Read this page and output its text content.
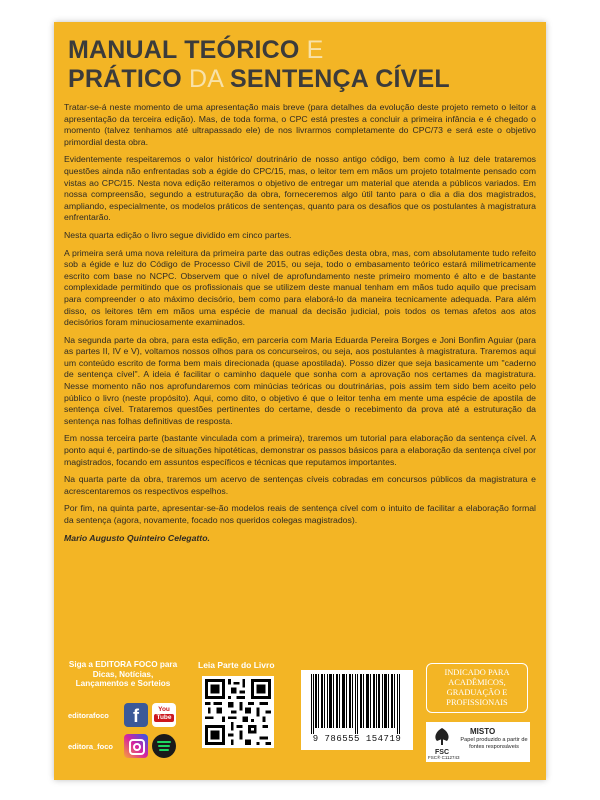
MANUAL TEÓRICO E
PRÁTICO DA SENTENÇA CÍVEL

Tratar-se-á neste momento de uma apresentação mais breve (para detalhes da evolução deste projeto remeto o leitor a apresentação da terceira edição). Mas, de toda forma, o CPC está prestes a concluir a primeira infância e é chegado o momento (talvez tenhamos até ultrapassado ele) de nos livrarmos completamente do CPC/73 e será este o objetivo primordial desta obra.

Evidentemente respeitaremos o valor histórico/ doutrinário de nosso antigo código, bem como à luz dele trataremos questões ainda não enfrentadas sob a égide do CPC/15, mas, o leitor tem em mãos um projeto totalmente pensado com vistas ao CPC/15. Nesta nova edição reiteramos o objetivo de entregar um material que atenda a públicos variados. Em nossa compreensão, segundo a estruturação da obra, forneceremos algo útil tanto para o dia a dia dos magistrados, ampliando, especialmente, os modelos práticos de sentenças, quanto para os desafios que os postulantes à magistratura enfrentarão.

Nesta quarta edição o livro segue dividido em cinco partes.

A primeira será uma nova releitura da primeira parte das outras edições desta obra, mas, com absolutamente tudo refeito sob a égide e luz do Código de Processo Civil de 2015, ou seja, todo o embasamento teórico estará milimetricamente escrito com base no NCPC. Observem que o nível de aprofundamento neste primeiro momento é alto e de bastante complexidade permitindo que os profissionais que se utilizem deste manual tenham em mãos tudo aquilo que precisam para compreender o ato máximo decisório, bem como para elaborá-lo da maneira tecnicamente adequada. Para além disso, os leitores têm em mãos uma espécie de manual da decisão judicial, pois todos os temas afetos aos atos decisórios foram minuciosamente examinados.

Na segunda parte da obra, para esta edição, em parceria com Maria Eduarda Pereira Borges e Joni Bonfim Aguiar (para as partes II, IV e V), voltamos nossos olhos para os concurseiros, ou seja, aos postulantes à magistratura. Traremos aqui um conteúdo escrito de forma bem mais direcionada (quase apostilada). Posso dizer que seja basicamente um "caderno de sentença cível". A ideia é facilitar o caminho daquele que sonha com a aprovação nos certames da magistratura. Nesse momento não nos aprofundaremos com minúcias teóricas ou doutrinárias, pois assim tem sido bem aceito pelo público o livro (neste propósito). Aqui, como dito, o objetivo é que o leitor tenha em mente uma espécie de apostila de sentença cível. Trataremos questões pertinentes do certame, desde o recebimento da prova até a estruturação da sentença nas folhas definitivas de resposta.

Em nossa terceira parte (bastante vinculada com a primeira), traremos um tutorial para elaboração da sentença cível. A ponto aqui é, partindo-se de situações hipotéticas, demonstrar os passos básicos para a elaboração da sentença cível por magistrados, focando em assuntos específicos e técnicas que reputamos importantes.

Na quarta parte da obra, traremos um acervo de sentenças cíveis cobradas em concursos públicos da magistratura e acrescentaremos os respectivos espelhos.

Por fim, na quinta parte, apresentar-se-ão modelos reais de sentença cível com o intuito de facilitar a elaboração formal da sentença (agora, novamente, focado nos queridos colegas magistrados).

Mario Augusto Quinteiro Celegatto.

Siga a EDITORA FOCO para Dicas, Notícias, Lançamentos e Sorteios
editorafoco	f	You
Tube
editora_foco
Leia Parte do Livro
9 786555 154719
INDICADO PARA ACADÊMICOS, GRADUAÇÃO E PROFISSIONAIS
FSC
MISTO
Papel produzido a partir de fontes responsáveis
FSC® C112743
